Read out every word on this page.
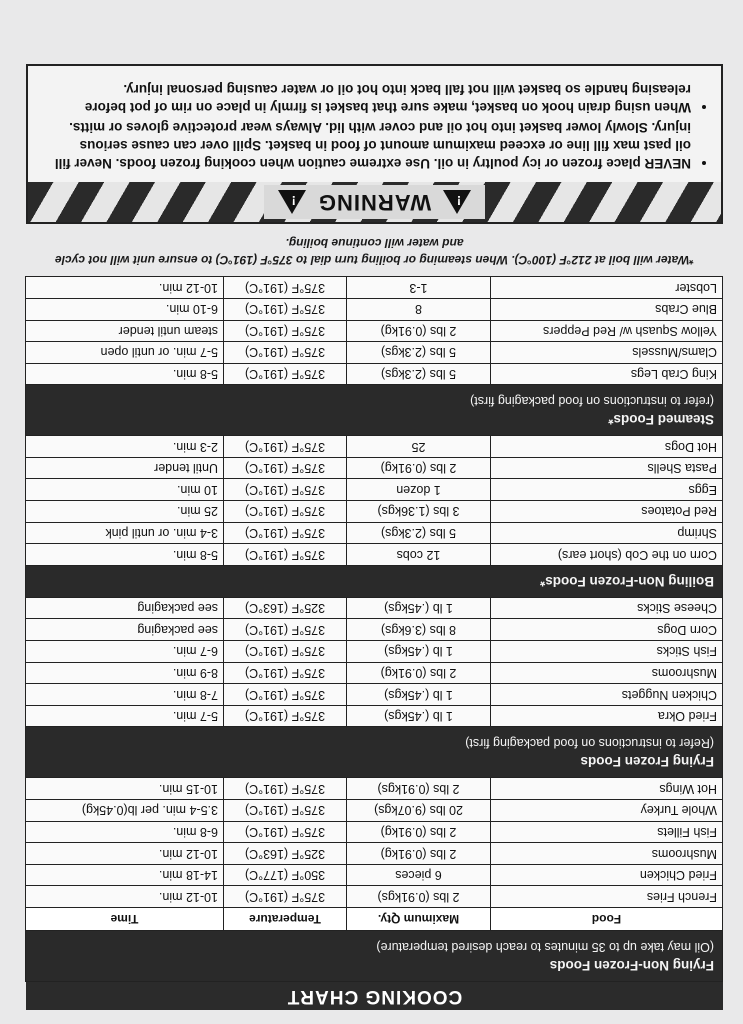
COOKING CHART
Frying Non-Frozen Foods
(Oil may take up to 35 minutes to reach desired temperature)			

Food	Maximum Qty.	Temperature	Time
French Fries	2 lbs (0.91kgs)	375°F (191°C)	10-12 min.
Fried Chicken	6 pieces	350°F (177°C)	14-18 min.
Mushrooms	2 lbs (0.91kg)	325°F (163°C)	10-12 min.
Fish Fillets	2 lbs (0.91kg)	375°F (191°C)	6-8 min.
Whole Turkey	20 lbs (9.07kgs)	375°F (191°C)	3.5-4 min. per lb(0.45kg)
Hot Wings	2 lbs (0.91kgs)	375°F (191°C)	10-15 min.

Frying Frozen Foods
(Refer to instructions on food packaging first)			

Fried Okra	1 lb (.45kgs)	375°F (191°C)	5-7 min.
Chicken Nuggets	1 lb (.45kgs)	375°F (191°C)	7-8 min.
Mushrooms	2 lbs (0.91kg)	375°F (191°C)	8-9 min.
Fish Sticks	1 lb (.45kgs)	375°F (191°C)	6-7 min.
Corn Dogs	8 lbs (3.6kgs)	375°F (191°C)	see packaging
Cheese Sticks	1 lb (.45kgs)	325°F (163°C)	see packaging

Boiling Non-Frozen Foods*			

Corn on the Cob (short ears)	12 cobs	375°F (191°C)	5-8 min.
Shrimp	5 lbs (2.3kgs)	375°F (191°C)	3-4 min. or until pink
Red Potatoes	3 lbs (1.36kgs)	375°F (191°C)	25 min.
Eggs	1 dozen	375°F (191°C)	10 min.
Pasta Shells	2 lbs (0.91kg)	375°F (191°C)	Until tender
Hot Dogs	25	375°F (191°C)	2-3 min.

Steamed Foods*
(refer to instructions on food packaging first)			

King Crab Legs	5 lbs (2.3kgs)	375°F (191°C)	5-8 min.
Clams/Mussels	5 lbs (2.3kgs)	375°F (191°C)	5-7 min. or until open
Yellow Squash w/ Red Peppers	2 lbs (0.91kg)	375°F (191°C)	steam until tender
Blue Crabs	8	375°F (191°C)	6-10 min.
Lobster	1-3	375°F (191°C)	10-12 min.
*Water will boil at 212°F (100°C). When steaming or boiling turn dial to 375°F (191°C) to ensure unit will not cycle and water will continue boiling.
!
WARNING
!
• NEVER place frozen or icy poultry in oil. Use extreme caution when cooking frozen foods. Never fill oil past max fill line or exceed maximum amount of food in basket. Spill over can cause serious injury. Slowly lower basket into hot oil and cover with lid. Always wear protective gloves or mitts.
• When using drain hook on basket, make sure that basket is firmly in place on rim of pot before releasing handle so basket will not fall back into hot oil or water causing personal injury.
